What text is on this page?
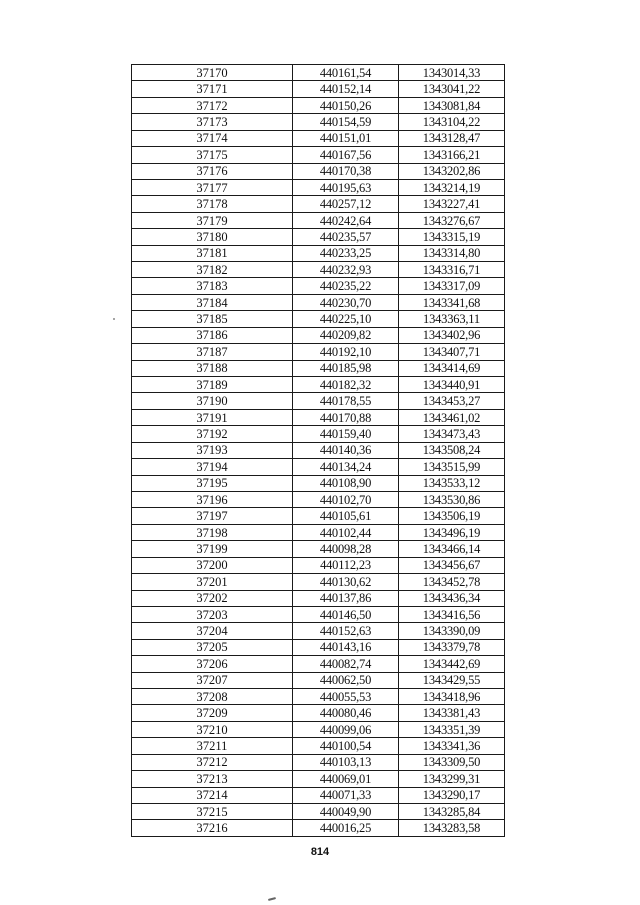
37170	440161,54	1343014,33
37171	440152,14	1343041,22
37172	440150,26	1343081,84
37173	440154,59	1343104,22
37174	440151,01	1343128,47
37175	440167,56	1343166,21
37176	440170,38	1343202,86
37177	440195,63	1343214,19
37178	440257,12	1343227,41
37179	440242,64	1343276,67
37180	440235,57	1343315,19
37181	440233,25	1343314,80
37182	440232,93	1343316,71
37183	440235,22	1343317,09
37184	440230,70	1343341,68
37185	440225,10	1343363,11
37186	440209,82	1343402,96
37187	440192,10	1343407,71
37188	440185,98	1343414,69
37189	440182,32	1343440,91
37190	440178,55	1343453,27
37191	440170,88	1343461,02
37192	440159,40	1343473,43
37193	440140,36	1343508,24
37194	440134,24	1343515,99
37195	440108,90	1343533,12
37196	440102,70	1343530,86
37197	440105,61	1343506,19
37198	440102,44	1343496,19
37199	440098,28	1343466,14
37200	440112,23	1343456,67
37201	440130,62	1343452,78
37202	440137,86	1343436,34
37203	440146,50	1343416,56
37204	440152,63	1343390,09
37205	440143,16	1343379,78
37206	440082,74	1343442,69
37207	440062,50	1343429,55
37208	440055,53	1343418,96
37209	440080,46	1343381,43
37210	440099,06	1343351,39
37211	440100,54	1343341,36
37212	440103,13	1343309,50
37213	440069,01	1343299,31
37214	440071,33	1343290,17
37215	440049,90	1343285,84
37216	440016,25	1343283,58
814
